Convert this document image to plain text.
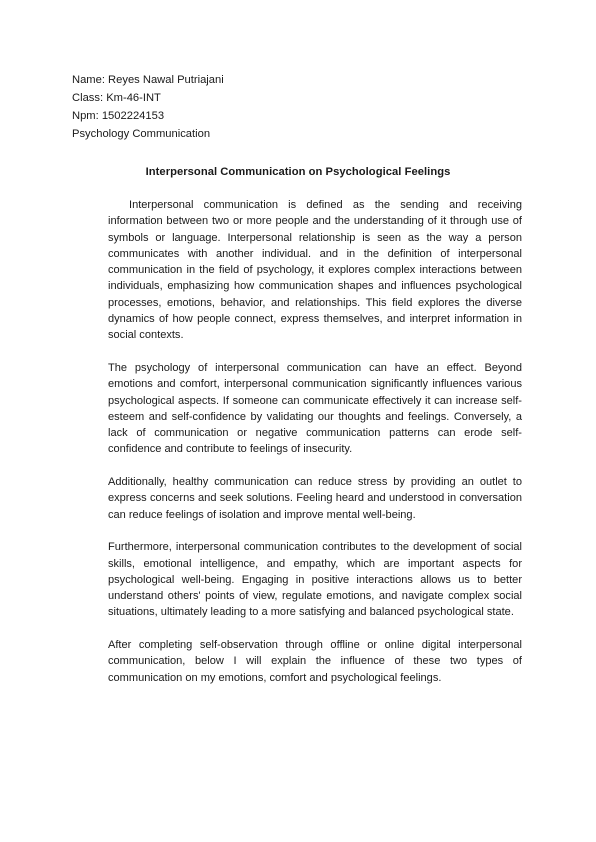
Name: Reyes Nawal Putriajani
Class: Km-46-INT
Npm: 1502224153
Psychology Communication
Interpersonal Communication on Psychological Feelings

Interpersonal communication is defined as the sending and receiving information between two or more people and the understanding of it through use of symbols or language. Interpersonal relationship is seen as the way a person communicates with another individual. and in the definition of interpersonal communication in the field of psychology, it explores complex interactions between individuals, emphasizing how communication shapes and influences psychological processes, emotions, behavior, and relationships. This field explores the diverse dynamics of how people connect, express themselves, and interpret information in social contexts.

The psychology of interpersonal communication can have an effect. Beyond emotions and comfort, interpersonal communication significantly influences various psychological aspects. If someone can communicate effectively it can increase self-esteem and self-confidence by validating our thoughts and feelings. Conversely, a lack of communication or negative communication patterns can erode self-confidence and contribute to feelings of insecurity.

Additionally, healthy communication can reduce stress by providing an outlet to express concerns and seek solutions. Feeling heard and understood in conversation can reduce feelings of isolation and improve mental well-being.

Furthermore, interpersonal communication contributes to the development of social skills, emotional intelligence, and empathy, which are important aspects for psychological well-being. Engaging in positive interactions allows us to better understand others' points of view, regulate emotions, and navigate complex social situations, ultimately leading to a more satisfying and balanced psychological state.

After completing self-observation through offline or online digital interpersonal communication, below I will explain the influence of these two types of communication on my emotions, comfort and psychological feelings.
